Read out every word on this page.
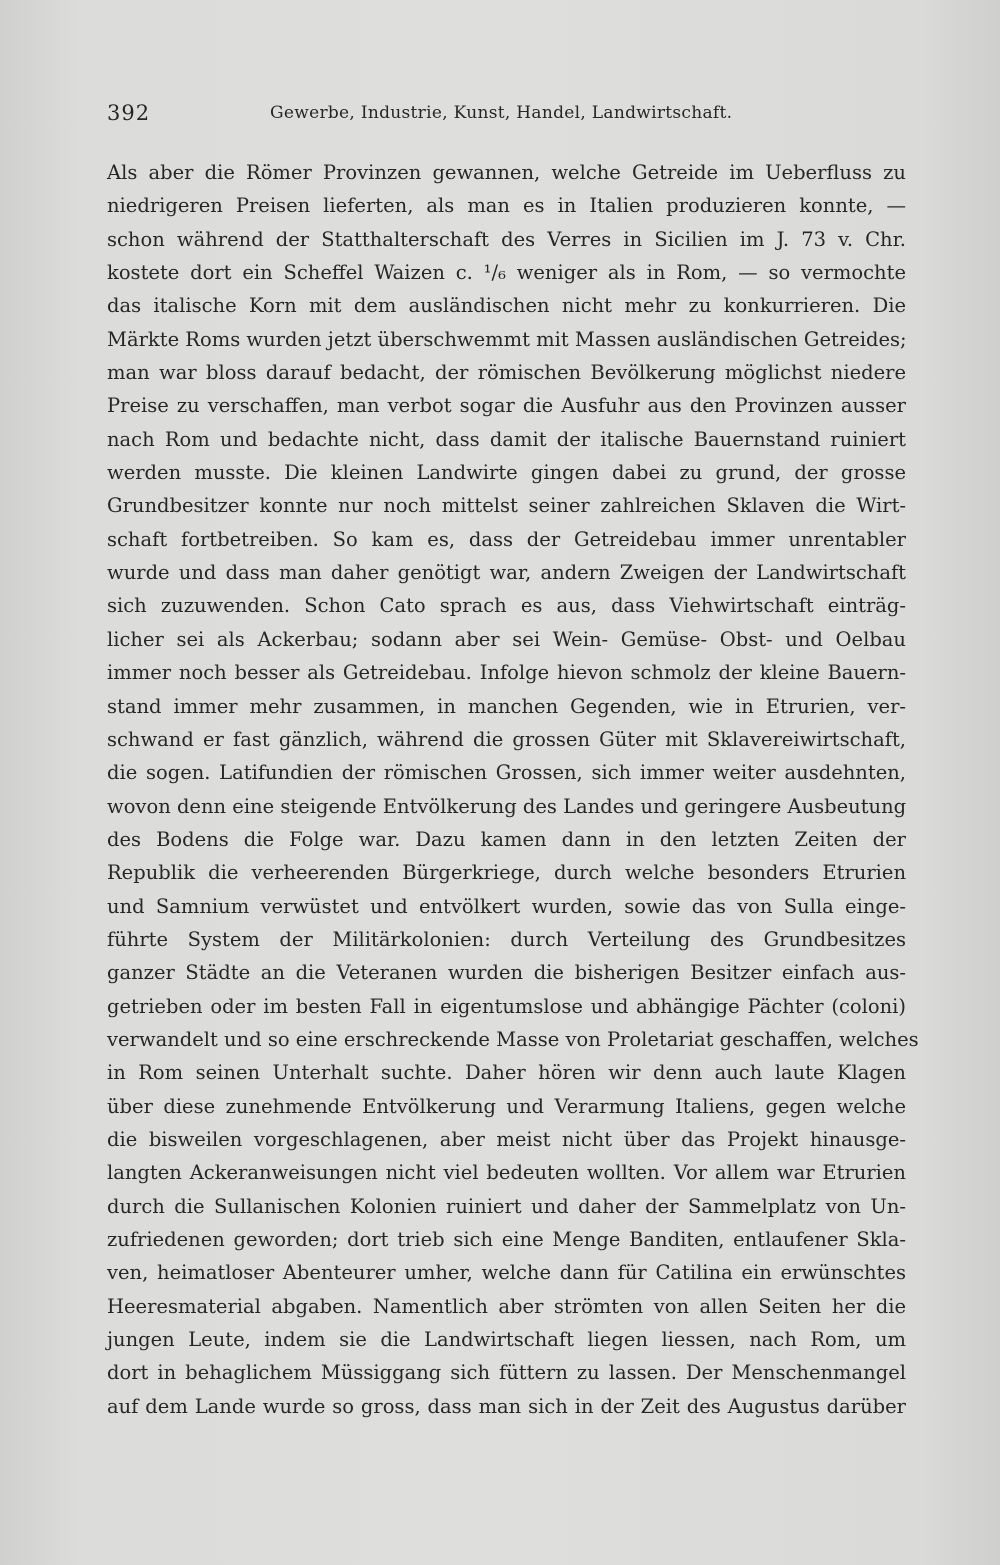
392	Gewerbe, Industrie, Kunst, Handel, Landwirtschaft.
Als aber die Römer Provinzen gewannen, welche Getreide im Ueberfluss zu
niedrigeren Preisen lieferten, als man es in Italien produzieren konnte, —
schon während der Statthalterschaft des Verres in Sicilien im J. 73 v. Chr.
kostete dort ein Scheffel Waizen c. ¹/₆ weniger als in Rom, — so vermochte
das italische Korn mit dem ausländischen nicht mehr zu konkurrieren. Die
Märkte Roms wurden jetzt überschwemmt mit Massen ausländischen Getreides;
man war bloss darauf bedacht, der römischen Bevölkerung möglichst niedere
Preise zu verschaffen, man verbot sogar die Ausfuhr aus den Provinzen ausser
nach Rom und bedachte nicht, dass damit der italische Bauernstand ruiniert
werden musste. Die kleinen Landwirte gingen dabei zu grund, der grosse
Grundbesitzer konnte nur noch mittelst seiner zahlreichen Sklaven die Wirt-
schaft fortbetreiben. So kam es, dass der Getreidebau immer unrentabler
wurde und dass man daher genötigt war, andern Zweigen der Landwirtschaft
sich zuzuwenden. Schon Cato sprach es aus, dass Viehwirtschaft einträg-
licher sei als Ackerbau; sodann aber sei Wein- Gemüse- Obst- und Oelbau
immer noch besser als Getreidebau. Infolge hievon schmolz der kleine Bauern-
stand immer mehr zusammen, in manchen Gegenden, wie in Etrurien, ver-
schwand er fast gänzlich, während die grossen Güter mit Sklavereiwirtschaft,
die sogen. Latifundien der römischen Grossen, sich immer weiter ausdehnten,
wovon denn eine steigende Entvölkerung des Landes und geringere Ausbeutung
des Bodens die Folge war. Dazu kamen dann in den letzten Zeiten der
Republik die verheerenden Bürgerkriege, durch welche besonders Etrurien
und Samnium verwüstet und entvölkert wurden, sowie das von Sulla einge-
führte System der Militärkolonien: durch Verteilung des Grundbesitzes
ganzer Städte an die Veteranen wurden die bisherigen Besitzer einfach aus-
getrieben oder im besten Fall in eigentumslose und abhängige Pächter (coloni)
verwandelt und so eine erschreckende Masse von Proletariat geschaffen, welches
in Rom seinen Unterhalt suchte. Daher hören wir denn auch laute Klagen
über diese zunehmende Entvölkerung und Verarmung Italiens, gegen welche
die bisweilen vorgeschlagenen, aber meist nicht über das Projekt hinausge-
langten Ackeranweisungen nicht viel bedeuten wollten. Vor allem war Etrurien
durch die Sullanischen Kolonien ruiniert und daher der Sammelplatz von Un-
zufriedenen geworden; dort trieb sich eine Menge Banditen, entlaufener Skla-
ven, heimatloser Abenteurer umher, welche dann für Catilina ein erwünschtes
Heeresmaterial abgaben. Namentlich aber strömten von allen Seiten her die
jungen Leute, indem sie die Landwirtschaft liegen liessen, nach Rom, um
dort in behaglichem Müssiggang sich füttern zu lassen. Der Menschenmangel
auf dem Lande wurde so gross, dass man sich in der Zeit des Augustus darüber
